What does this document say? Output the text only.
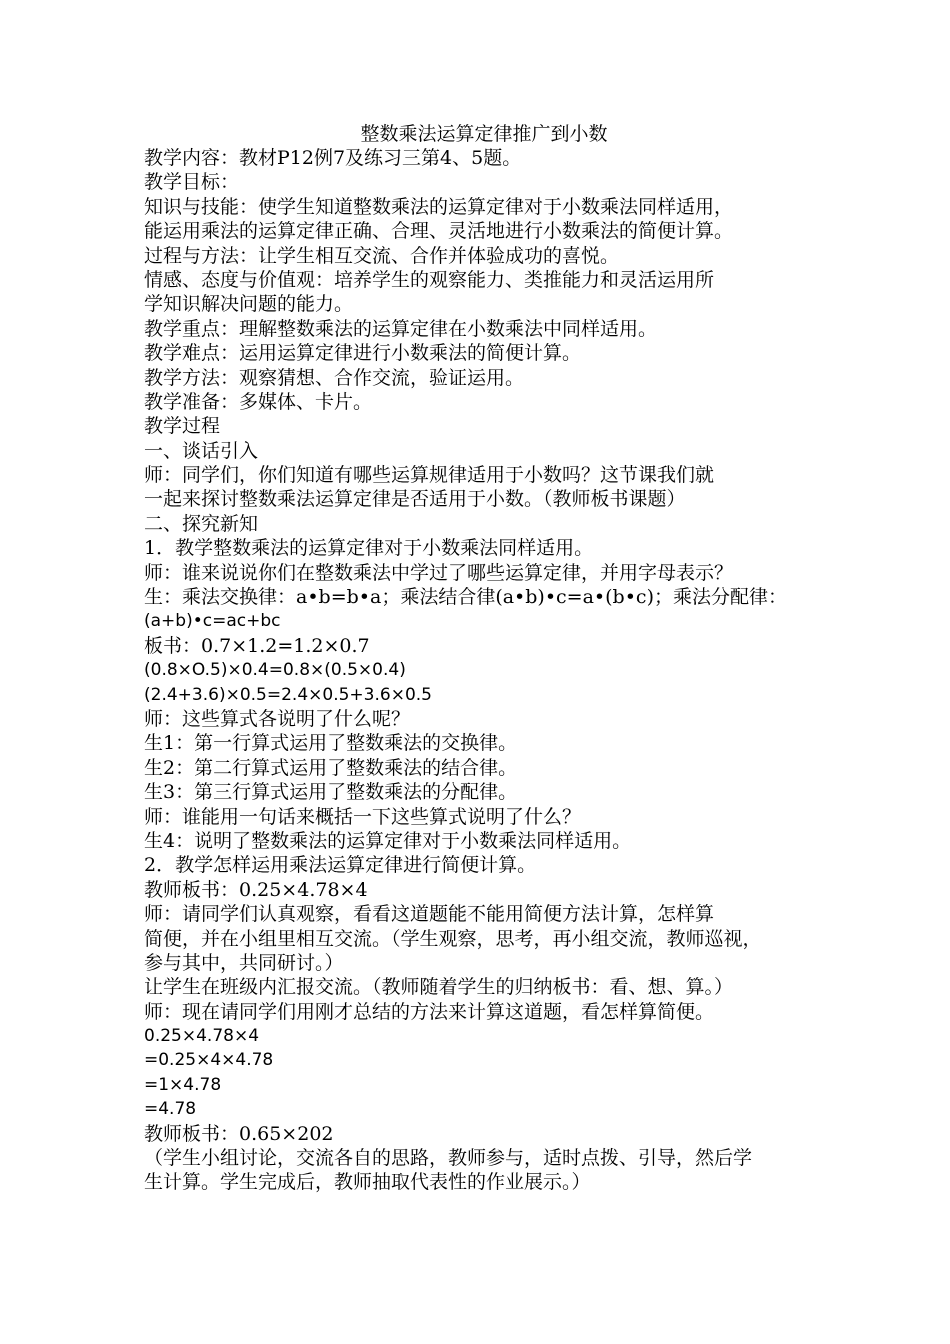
整数乘法运算定律推广到小数

教学内容：教材P12例7及练习三第4、5题。

教学目标：

知识与技能：使学生知道整数乘法的运算定律对于小数乘法同样适用，

能运用乘法的运算定律正确、合理、灵活地进行小数乘法的简便计算。

过程与方法：让学生相互交流、合作并体验成功的喜悦。

情感、态度与价值观：培养学生的观察能力、类推能力和灵活运用所

学知识解决问题的能力。

教学重点：理解整数乘法的运算定律在小数乘法中同样适用。

教学难点：运用运算定律进行小数乘法的简便计算。

教学方法：观察猜想、合作交流，验证运用。

教学准备：多媒体、卡片。

教学过程

一、谈话引入

师：同学们，你们知道有哪些运算规律适用于小数吗？这节课我们就

一起来探讨整数乘法运算定律是否适用于小数。（教师板书课题）

二、探究新知

1．教学整数乘法的运算定律对于小数乘法同样适用。

师：谁来说说你们在整数乘法中学过了哪些运算定律，并用字母表示？

生：乘法交换律：a•b=b•a；乘法结合律(a•b)•c=a•(b•c)；乘法分配律：

(a+b)•c=ac+bc

板书：0.7×1.2=1.2×0.7

(0.8×O.5)×0.4=0.8×(0.5×0.4)

(2.4+3.6)×0.5=2.4×0.5+3.6×0.5

师：这些算式各说明了什么呢？

生1：第一行算式运用了整数乘法的交换律。

生2：第二行算式运用了整数乘法的结合律。

生3：第三行算式运用了整数乘法的分配律。

师：谁能用一句话来概括一下这些算式说明了什么？

生4：说明了整数乘法的运算定律对于小数乘法同样适用。

2．教学怎样运用乘法运算定律进行简便计算。

教师板书：0.25×4.78×4

师：请同学们认真观察，看看这道题能不能用简便方法计算，怎样算

简便，并在小组里相互交流。（学生观察，思考，再小组交流，教师巡视，

参与其中，共同研讨。）

让学生在班级内汇报交流。（教师随着学生的归纳板书：看、想、算。）

师：现在请同学们用刚才总结的方法来计算这道题，看怎样算简便。

0.25×4.78×4

=0.25×4×4.78

=1×4.78

=4.78

教师板书：0.65×202

（学生小组讨论，交流各自的思路，教师参与，适时点拨、引导，然后学

生计算。学生完成后，教师抽取代表性的作业展示。）
